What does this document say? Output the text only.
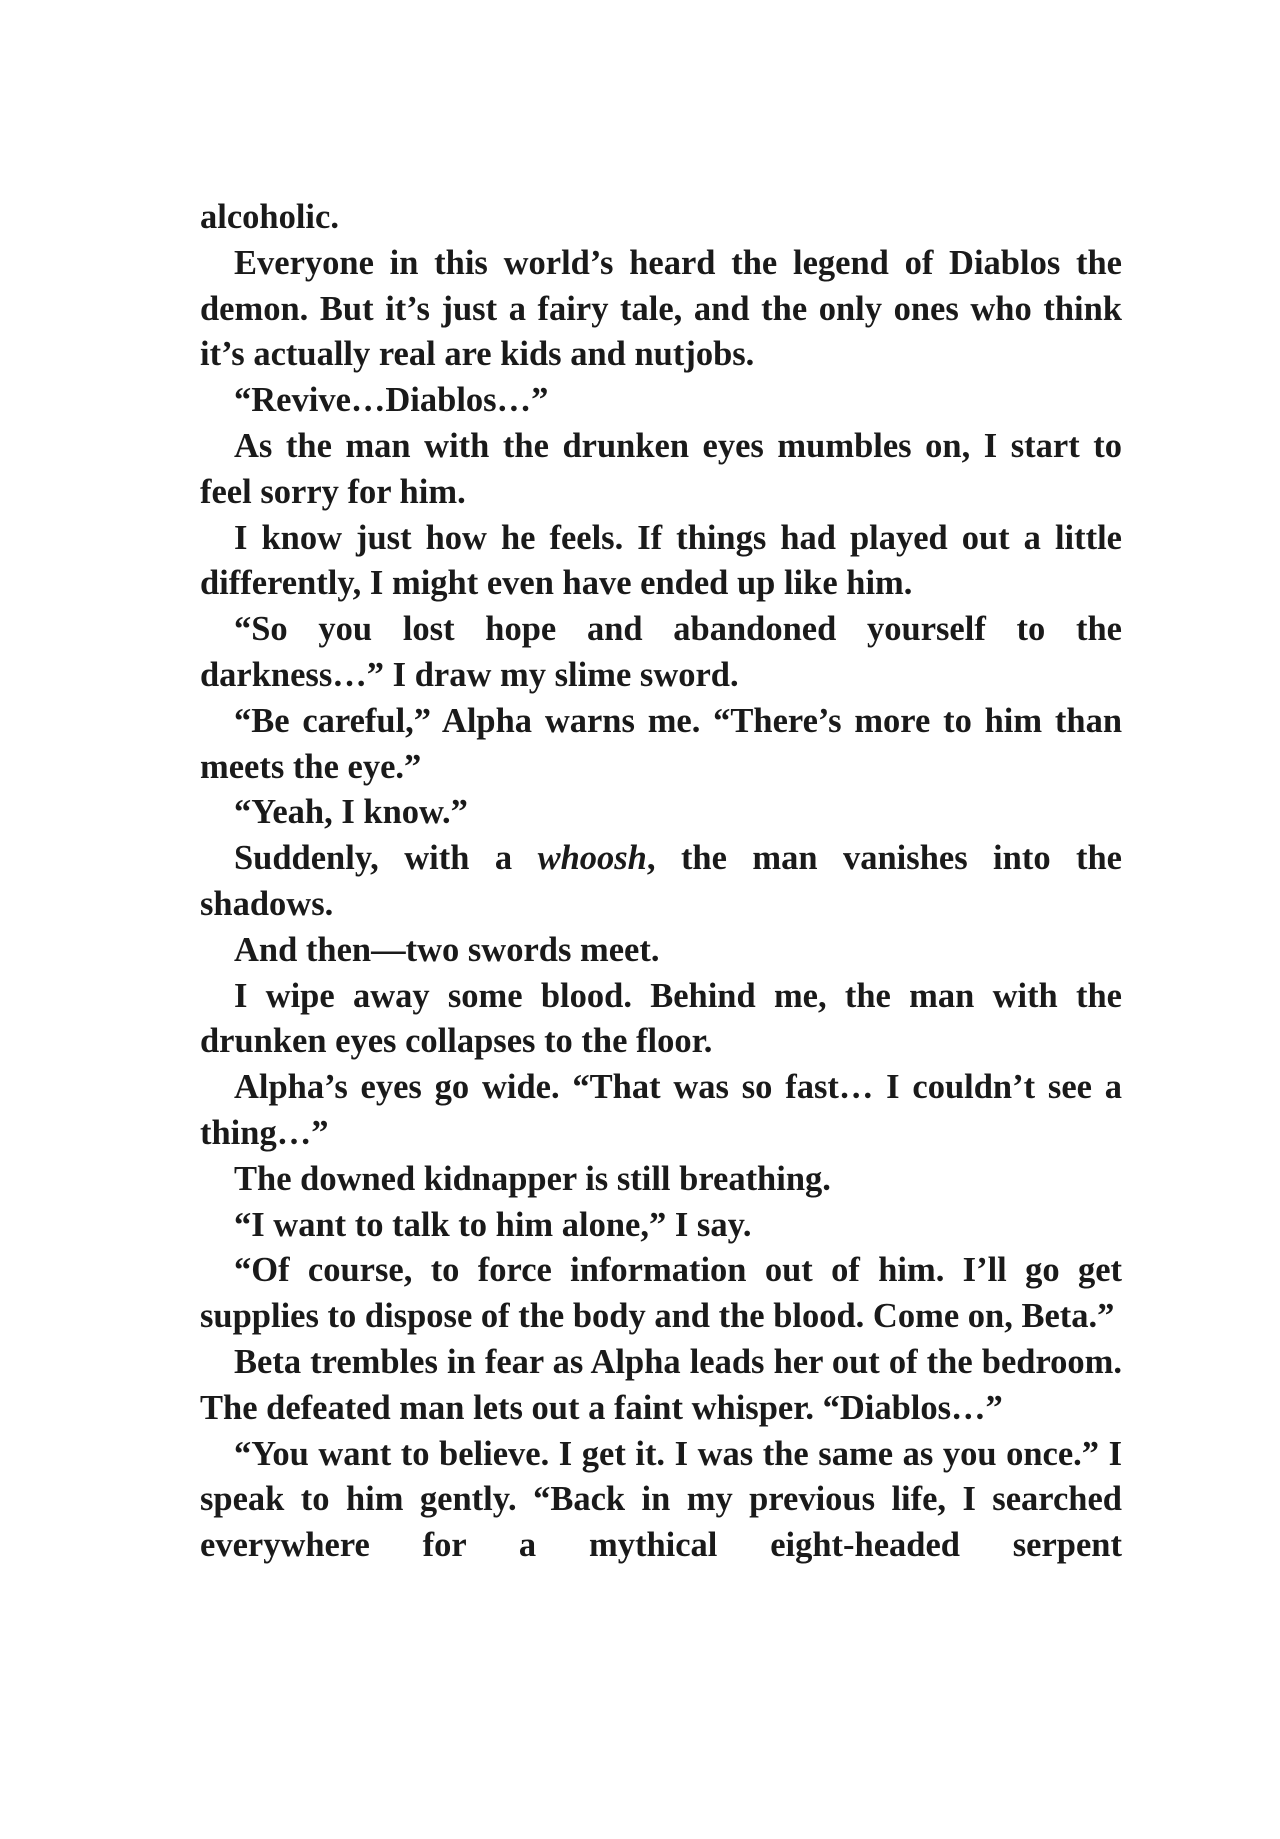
alcoholic.

Everyone in this world’s heard the legend of Diablos the demon. But it’s just a fairy tale, and the only ones who think it’s actually real are kids and nutjobs.

“Revive…Diablos…”

As the man with the drunken eyes mumbles on, I start to feel sorry for him.

I know just how he feels. If things had played out a little differently, I might even have ended up like him.

“So you lost hope and abandoned yourself to the darkness…” I draw my slime sword.

“Be careful,” Alpha warns me. “There’s more to him than meets the eye.”

“Yeah, I know.”

Suddenly, with a whoosh, the man vanishes into the shadows.

And then—two swords meet.

I wipe away some blood. Behind me, the man with the drunken eyes collapses to the floor.

Alpha’s eyes go wide. “That was so fast… I couldn’t see a thing…”

The downed kidnapper is still breathing.

“I want to talk to him alone,” I say.

“Of course, to force information out of him. I’ll go get supplies to dispose of the body and the blood. Come on, Beta.”

Beta trembles in fear as Alpha leads her out of the bedroom. The defeated man lets out a faint whisper. “Diablos…”

“You want to believe. I get it. I was the same as you once.” I speak to him gently. “Back in my previous life, I searched everywhere for a mythical eight-headed serpent
